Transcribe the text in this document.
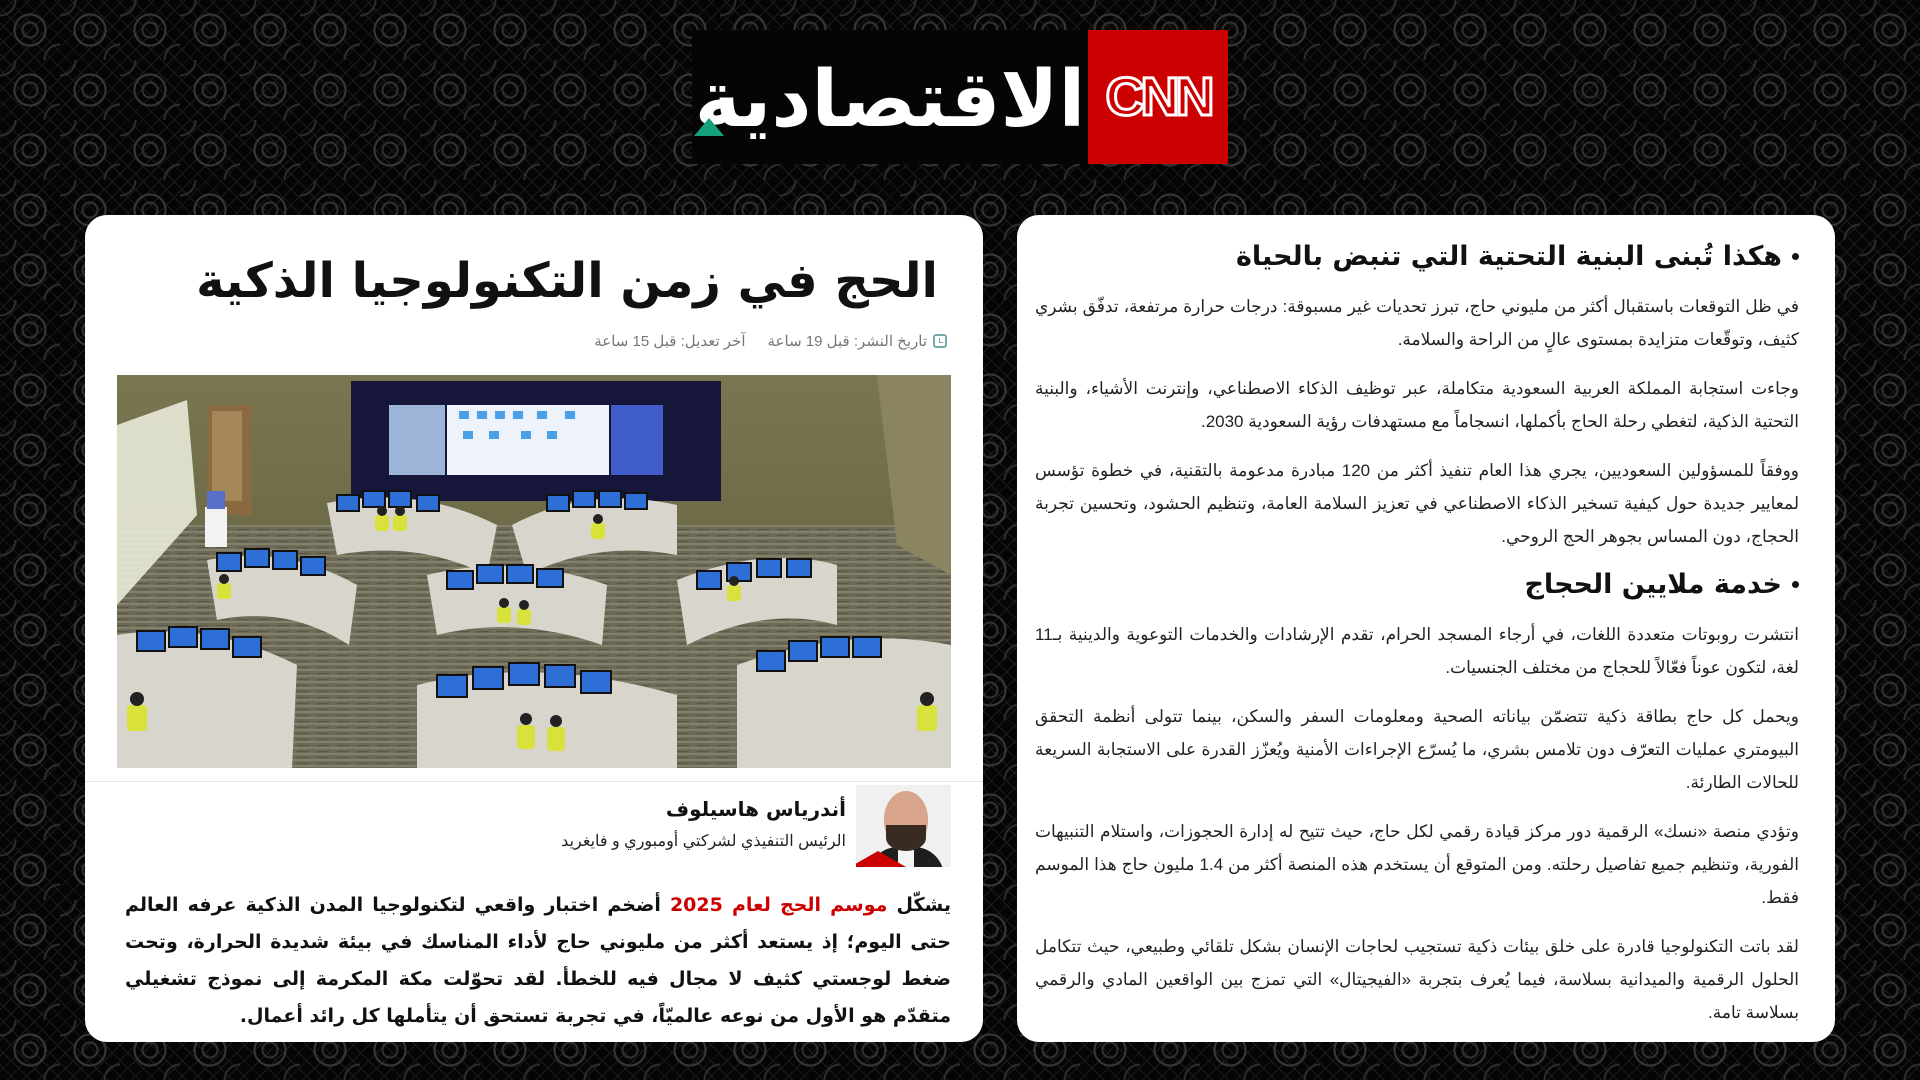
الاقتصادية CNN
الحج في زمن التكنولوجيا الذكية
تاريخ النشر: قبل 19 ساعة
آخر تعديل: قبل 15 ساعة
أندرياس هاسيلوف
الرئيس التنفيذي لشركتي أومبوري و فايغريد

يشكّل موسم الحج لعام 2025 أضخم اختبار واقعي لتكنولوجيا المدن الذكية عرفه العالم حتى اليوم؛ إذ يستعد أكثر من مليوني حاج لأداء المناسك في بيئة شديدة الحرارة، وتحت ضغط لوجستي كثيف لا مجال فيه للخطأ. لقد تحوّلت مكة المكرمة إلى نموذج تشغيلي متقدّم هو الأول من نوعه عالميّاً، في تجربة تستحق أن يتأملها كل رائد أعمال.

هكذا تُبنى البنية التحتية التي تنبض بالحياة

في ظل التوقعات باستقبال أكثر من مليوني حاج، تبرز تحديات غير مسبوقة: درجات حرارة مرتفعة، تدفّق بشري كثيف، وتوقّعات متزايدة بمستوى عالٍ من الراحة والسلامة.

وجاءت استجابة المملكة العربية السعودية متكاملة، عبر توظيف الذكاء الاصطناعي، وإنترنت الأشياء، والبنية التحتية الذكية، لتغطي رحلة الحاج بأكملها، انسجاماً مع مستهدفات رؤية السعودية 2030.

ووفقاً للمسؤولين السعوديين، يجري هذا العام تنفيذ أكثر من 120 مبادرة مدعومة بالتقنية، في خطوة تؤسس لمعايير جديدة حول كيفية تسخير الذكاء الاصطناعي في تعزيز السلامة العامة، وتنظيم الحشود، وتحسين تجربة الحجاج، دون المساس بجوهر الحج الروحي.

خدمة ملايين الحجاج

انتشرت روبوتات متعددة اللغات، في أرجاء المسجد الحرام، تقدم الإرشادات والخدمات التوعوية والدينية بـ11 لغة، لتكون عوناً فعّالاً للحجاج من مختلف الجنسيات.

ويحمل كل حاج بطاقة ذكية تتضمّن بياناته الصحية ومعلومات السفر والسكن، بينما تتولى أنظمة التحقق البيومتري عمليات التعرّف دون تلامس بشري، ما يُسرّع الإجراءات الأمنية ويُعزّز القدرة على الاستجابة السريعة للحالات الطارئة.

وتؤدي منصة «نسك» الرقمية دور مركز قيادة رقمي لكل حاج، حيث تتيح له إدارة الحجوزات، واستلام التنبيهات الفورية، وتنظيم جميع تفاصيل رحلته. ومن المتوقع أن يستخدم هذه المنصة أكثر من 1.4 مليون حاج هذا الموسم فقط.

لقد باتت التكنولوجيا قادرة على خلق بيئات ذكية تستجيب لحاجات الإنسان بشكل تلقائي وطبيعي، حيث تتكامل الحلول الرقمية والميدانية بسلاسة، فيما يُعرف بتجربة «الفيجيتال» التي تمزج بين الواقعين المادي والرقمي بسلاسة تامة.
